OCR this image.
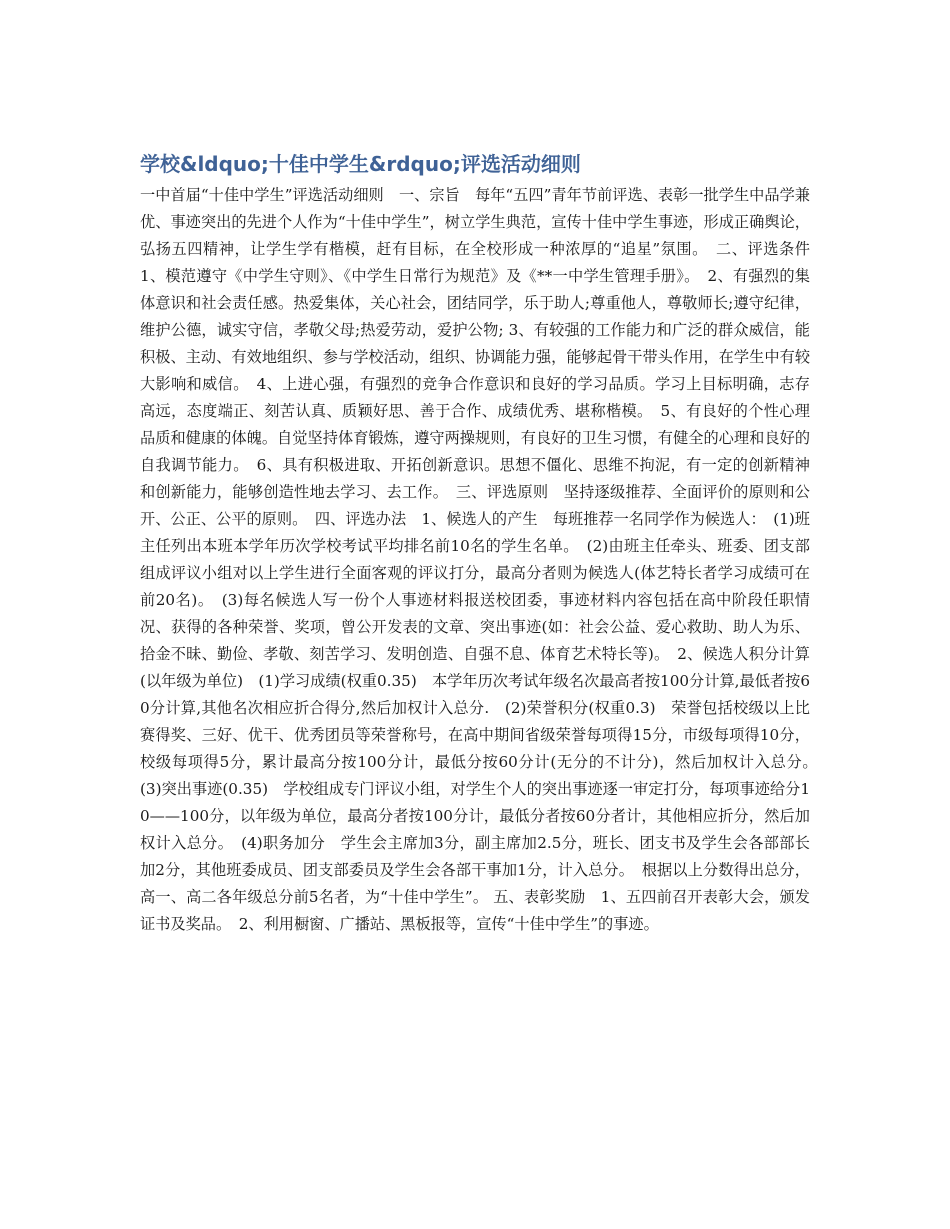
学校&ldquo;十佳中学生&rdquo;评选活动细则

一中首届“十佳中学生”评选活动细则　一、宗旨　每年“五四”青年节前评选、表彰一批学生中品学兼优、事迹突出的先进个人作为“十佳中学生”，树立学生典范，宣传十佳中学生事迹，形成正确舆论，弘扬五四精神，让学生学有楷模，赶有目标，在全校形成一种浓厚的“追星”氛围。　二、评选条件　1、模范遵守《中学生守则》、《中学生日常行为规范》及《**一中学生管理手册》。　2、有强烈的集体意识和社会责任感。热爱集体，关心社会，团结同学，乐于助人;尊重他人，尊敬师长;遵守纪律，维护公德，诚实守信，孝敬父母;热爱劳动，爱护公物; 3、有较强的工作能力和广泛的群众威信，能积极、主动、有效地组织、参与学校活动，组织、协调能力强，能够起骨干带头作用，在学生中有较大影响和威信。　4、上进心强，有强烈的竞争合作意识和良好的学习品质。学习上目标明确，志存高远，态度端正、刻苦认真、质颖好思、善于合作、成绩优秀、堪称楷模。　5、有良好的个性心理品质和健康的体魄。自觉坚持体育锻炼，遵守两操规则，有良好的卫生习惯，有健全的心理和良好的自我调节能力。　6、具有积极进取、开拓创新意识。思想不僵化、思维不拘泥，有一定的创新精神和创新能力，能够创造性地去学习、去工作。　三、评选原则　坚持逐级推荐、全面评价的原则和公开、公正、公平的原则。　四、评选办法　1、候选人的产生　每班推荐一名同学作为候选人：　(1)班主任列出本班本学年历次学校考试平均排名前10名的学生名单。　(2)由班主任牵头、班委、团支部组成评议小组对以上学生进行全面客观的评议打分，最高分者则为候选人(体艺特长者学习成绩可在前20名)。　(3)每名候选人写一份个人事迹材料报送校团委，事迹材料内容包括在高中阶段任职情况、获得的各种荣誉、奖项，曾公开发表的文章、突出事迹(如：社会公益、爱心救助、助人为乐、拾金不昧、勤俭、孝敬、刻苦学习、发明创造、自强不息、体育艺术特长等)。　2、候选人积分计算(以年级为单位)　(1)学习成绩(权重0.35)　本学年历次考试年级名次最高者按100分计算,最低者按60分计算,其他名次相应折合得分,然后加权计入总分.　(2)荣誉积分(权重0.3)　荣誉包括校级以上比赛得奖、三好、优干、优秀团员等荣誉称号，在高中期间省级荣誉每项得15分，市级每项得10分，校级每项得5分，累计最高分按100分计，最低分按60分计(无分的不计分)，然后加权计入总分。　(3)突出事迹(0.35)　学校组成专门评议小组，对学生个人的突出事迹逐一审定打分，每项事迹给分10——100分，以年级为单位，最高分者按100分计，最低分者按60分者计，其他相应折分，然后加权计入总分。　(4)职务加分　学生会主席加3分，副主席加2.5分，班长、团支书及学生会各部部长加2分，其他班委成员、团支部委员及学生会各部干事加1分，计入总分。　根据以上分数得出总分，高一、高二各年级总分前5名者，为“十佳中学生”。 五、表彰奖励　1、五四前召开表彰大会，颁发证书及奖品。　2、利用橱窗、广播站、黑板报等，宣传“十佳中学生”的事迹。
